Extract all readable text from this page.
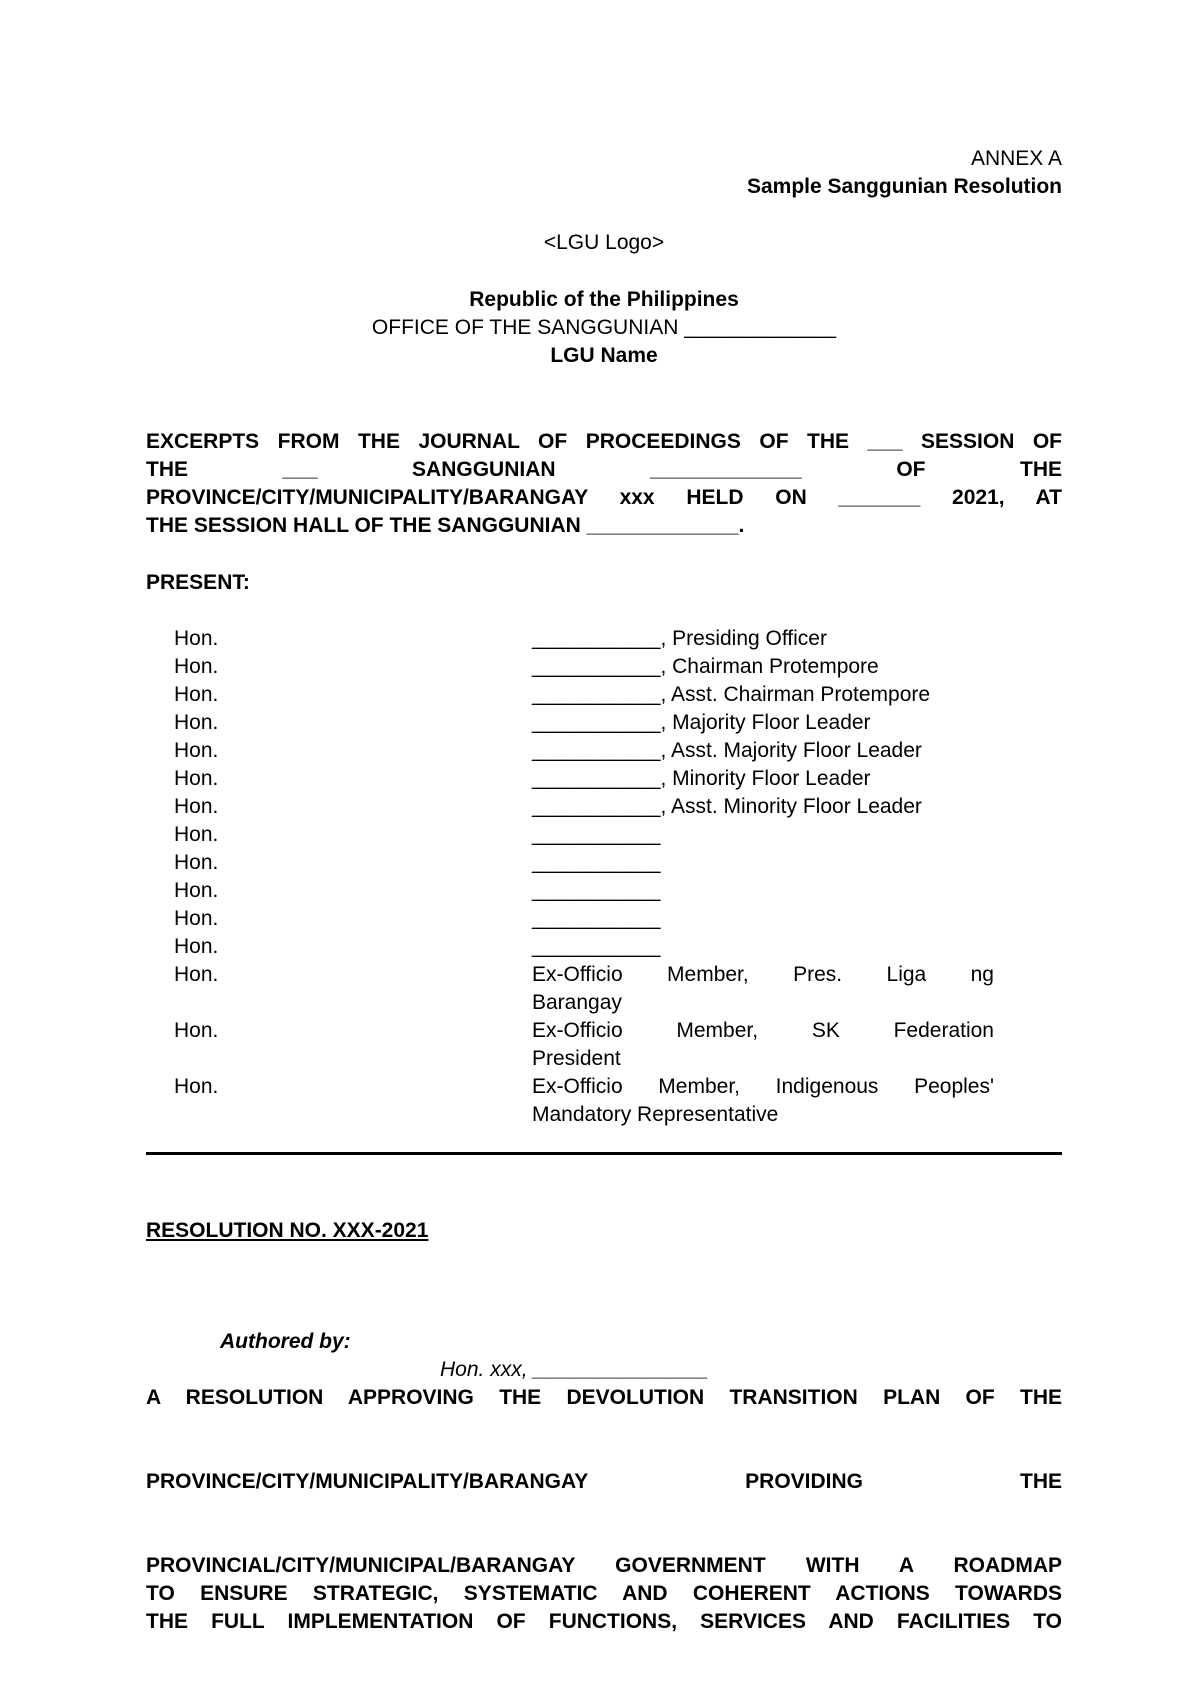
ANNEX A
Sample Sanggunian Resolution
<LGU Logo>
Republic of the Philippines
OFFICE OF THE SANGGUNIAN _____________
LGU Name
EXCERPTS FROM THE JOURNAL OF PROCEEDINGS OF THE ___ SESSION OF
THE	___	SANGGUNIAN	_____________	OF	THE
PROVINCE/CITY/MUNICIPALITY/BARANGAY xxx HELD ON _______ 2021, AT
THE SESSION HALL OF THE SANGGUNIAN _____________.
PRESENT:
Hon.	___________, Presiding Officer
Hon.	___________, Chairman Protempore
Hon.	___________, Asst. Chairman Protempore
Hon.	___________, Majority Floor Leader
Hon.	___________, Asst. Majority Floor Leader
Hon.	___________, Minority Floor Leader
Hon.	___________, Asst. Minority Floor Leader
Hon.	___________
Hon.	___________
Hon.	___________
Hon.	___________
Hon.	___________
Hon.	Ex-Officio Member, Pres. Liga ng
Barangay
Hon.	Ex-Officio Member, SK Federation
President
Hon.	Ex-Officio Member, Indigenous Peoples'
Mandatory Representative
RESOLUTION NO. XXX-2021

Authored by:

Hon. xxx, _______________

A RESOLUTION APPROVING THE DEVOLUTION TRANSITION PLAN OF THE

PROVINCE/CITY/MUNICIPALITY/BARANGAY	PROVIDING	THE

PROVINCIAL/CITY/MUNICIPAL/BARANGAY GOVERNMENT WITH A ROADMAP
TO ENSURE STRATEGIC, SYSTEMATIC AND COHERENT ACTIONS TOWARDS
THE FULL IMPLEMENTATION OF FUNCTIONS, SERVICES AND FACILITIES TO
